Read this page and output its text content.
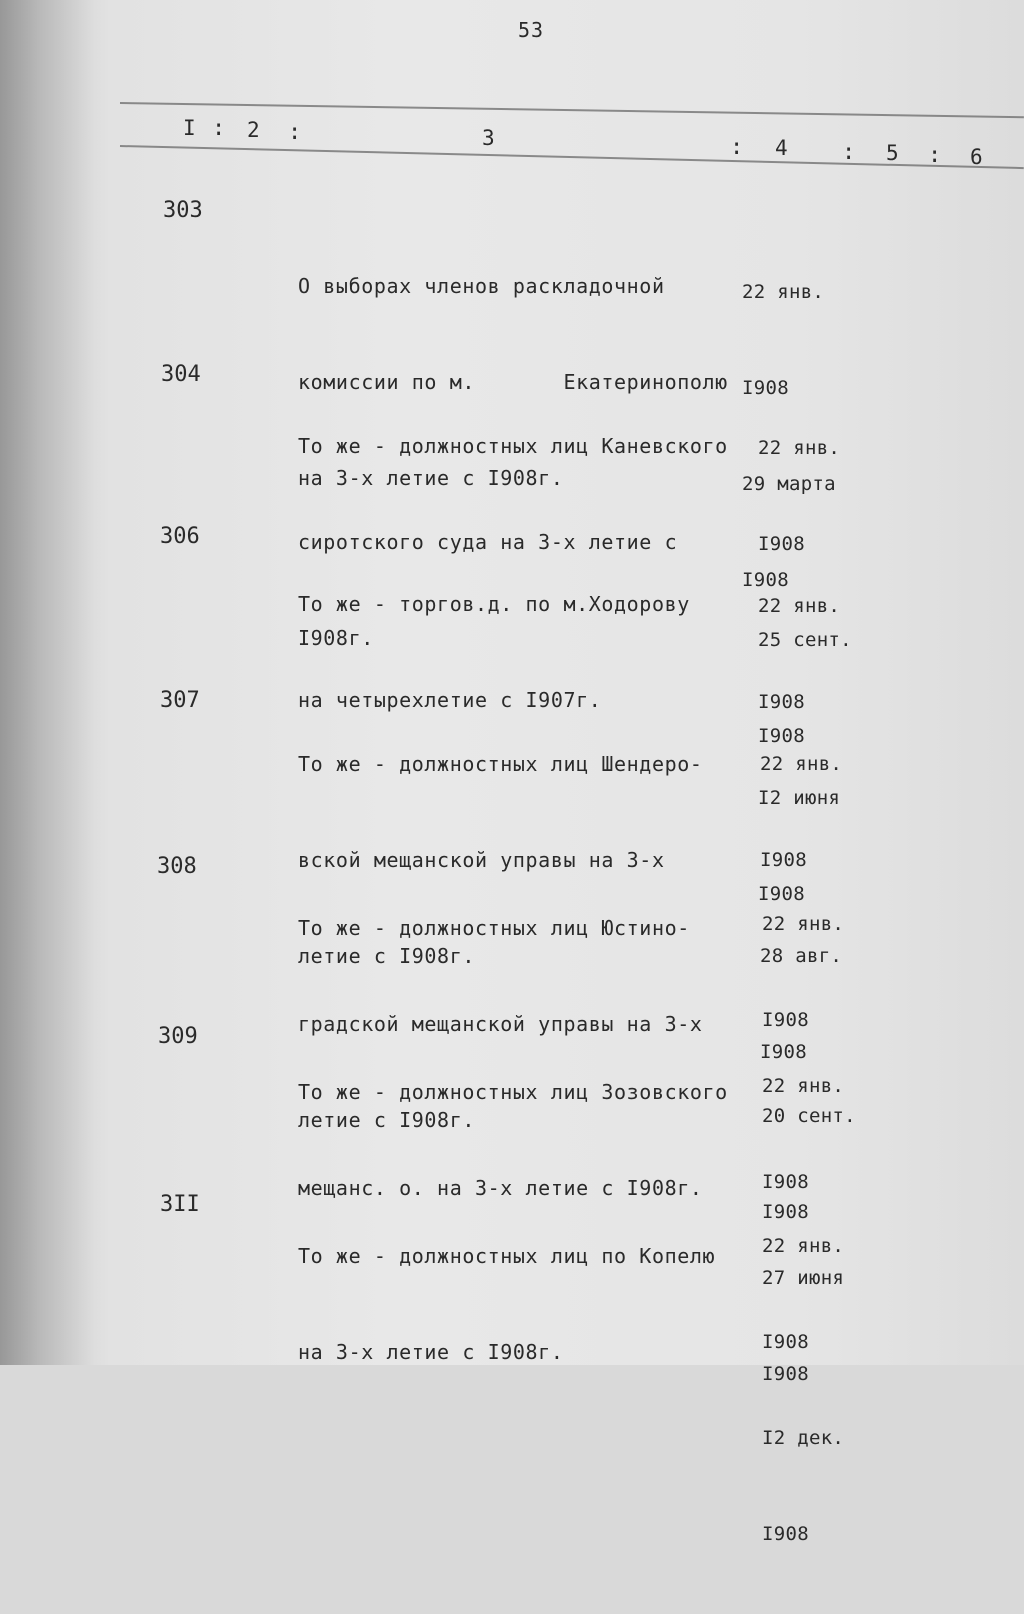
53
I : 2 :	3	: 4 : 5 : 6
303

О выборах членов раскладочной

комиссии по м.       Екатеринополю

на 3-х летие с I908г.

22 янв.

I908

29 марта

I908

304

То же - должностных лиц Каневского

сиротского суда на 3-х летие с

I908г.

22 янв.

I908

25 сент.

I908

306

То же - торгов.д. по м.Ходорову

на четырехлетие с I907г.

22 янв.

I908

I2 июня

I908

307

То же - должностных лиц Шендеро-

вской мещанской управы на 3-х

летие с I908г.

22 янв.

I908

28 авг.

I908

308

То же - должностных лиц Юстино-

градской мещанской управы на 3-х

летие с I908г.

22 янв.

I908

20 сент.

I908

309

То же - должностных лиц Зозовского

мещанс. о. на 3-х летие с I908г.

22 янв.

I908

27 июня

I908

3II

То же - должностных лиц по Копелю

на 3-х летие с I908г.

22 янв.

I908

I2 дек.

I908
